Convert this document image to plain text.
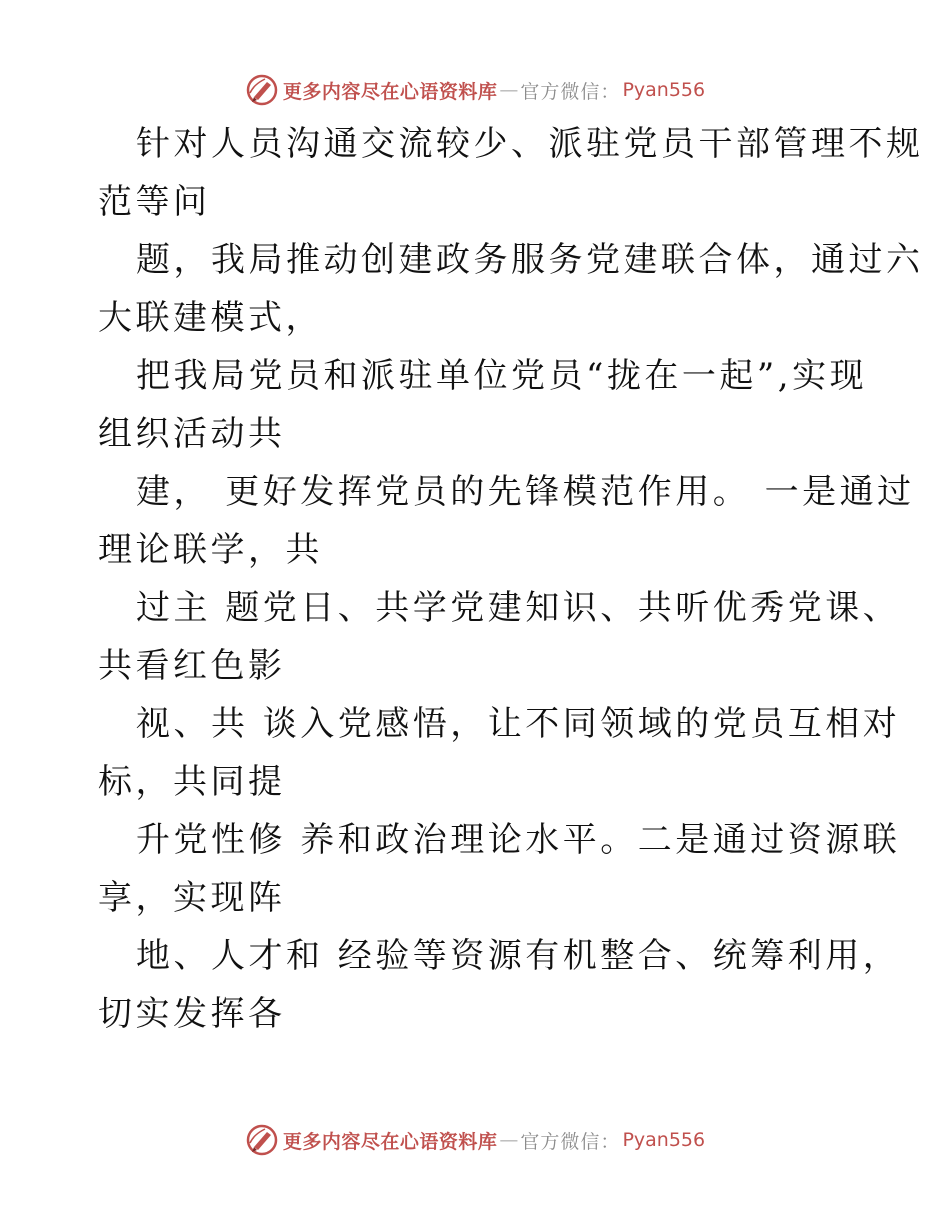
更多内容尽在心语资料库 — 官方微信： Pyan556

针对人员沟通交流较少、派驻党员干部管理不规
范等问

题，我局推动创建政务服务党建联合体，通过六
大联建模式，

把我局党员和派驻单位党员“拢在一起”,实现
组织活动共

建， 更好发挥党员的先锋模范作用。 一是通过
理论联学，共

过主 题党日、共学党建知识、共听优秀党课、
共看红色影

视、共 谈入党感悟，让不同领域的党员互相对
标，共同提

升党性修 养和政治理论水平。二是通过资源联
享，实现阵

地、人才和 经验等资源有机整合、统筹利用，
切实发挥各

更多内容尽在心语资料库 — 官方微信： Pyan556
